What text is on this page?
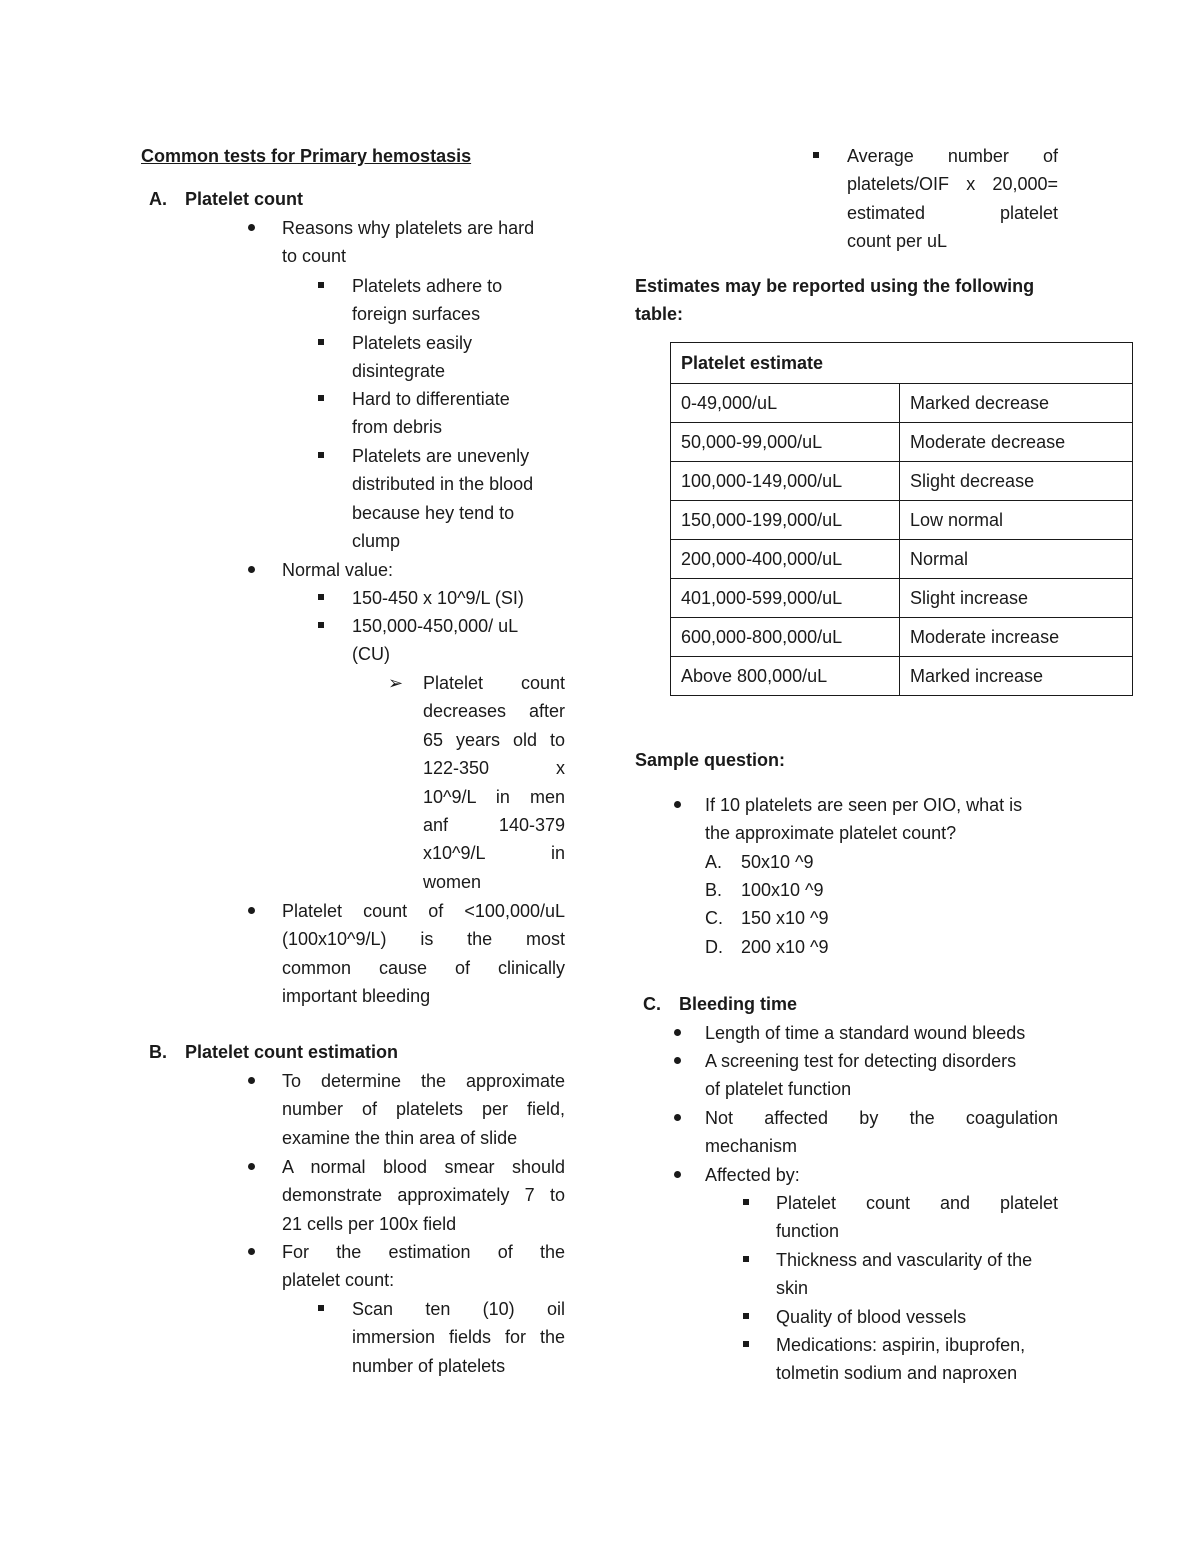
Common tests for Primary hemostasis
A. Platelet count
Reasons why platelets are hard
to count
Platelets adhere to
foreign surfaces
Platelets easily
disintegrate
Hard to differentiate
from debris
Platelets are unevenly
distributed in the blood
because hey tend to
clump
Normal value:
150-450 x 10^9/L (SI)
150,000-450,000/ uL
(CU)
➢ Platelet count
decreases after
65 years old to
122-350 x
10^9/L in men
anf 140-379
x10^9/L in
women
Platelet count of <100,000/uL
(100x10^9/L) is the most
common cause of clinically
important bleeding
B. Platelet count estimation
To determine the approximate
number of platelets per field,
examine the thin area of slide
A normal blood smear should
demonstrate approximately 7 to
21 cells per 100x field
For the estimation of the
platelet count:
Scan ten (10) oil
immersion fields for the
number of platelets
Average number of
platelets/OIF x 20,000=
estimated platelet
count per uL
Estimates may be reported using the following
table:
Platelet estimate	
0-49,000/uL	Marked decrease
50,000-99,000/uL	Moderate decrease
100,000-149,000/uL	Slight decrease
150,000-199,000/uL	Low normal
200,000-400,000/uL	Normal
401,000-599,000/uL	Slight increase
600,000-800,000/uL	Moderate increase
Above 800,000/uL	Marked increase
Sample question:
If 10 platelets are seen per OIO, what is
the approximate platelet count?
A. 50x10 ^9
B. 100x10 ^9
C. 150 x10 ^9
D. 200 x10 ^9
C. Bleeding time
Length of time a standard wound bleeds
A screening test for detecting disorders
of platelet function
Not affected by the coagulation
mechanism
Affected by:
Platelet count and platelet
function
Thickness and vascularity of the
skin
Quality of blood vessels
Medications: aspirin, ibuprofen,
tolmetin sodium and naproxen
